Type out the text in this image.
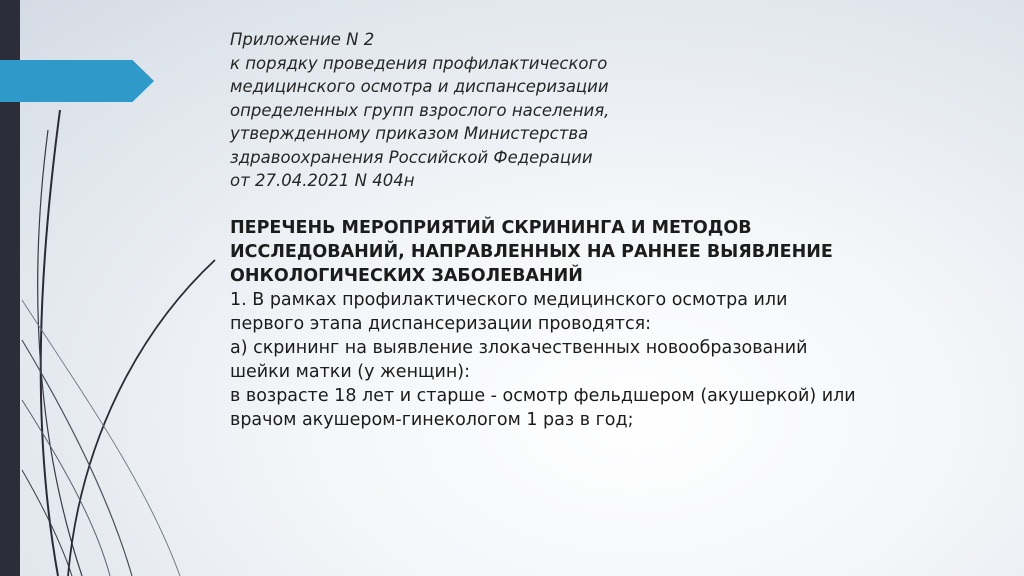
Приложение N 2
к порядку проведения профилактического
медицинского осмотра и диспансеризации
определенных групп взрослого населения,
утвержденному приказом Министерства
здравоохранения Российской Федерации
от 27.04.2021 N 404н
ПЕРЕЧЕНЬ МЕРОПРИЯТИЙ СКРИНИНГА И МЕТОДОВ
ИССЛЕДОВАНИЙ, НАПРАВЛЕННЫХ НА РАННЕЕ ВЫЯВЛЕНИЕ
ОНКОЛОГИЧЕСКИХ ЗАБОЛЕВАНИЙ
1. В рамках профилактического медицинского осмотра или
первого этапа диспансеризации проводятся:
а) скрининг на выявление злокачественных новообразований
шейки матки (у женщин):
в возрасте 18 лет и старше - осмотр фельдшером (акушеркой) или
врачом акушером-гинекологом 1 раз в год;
